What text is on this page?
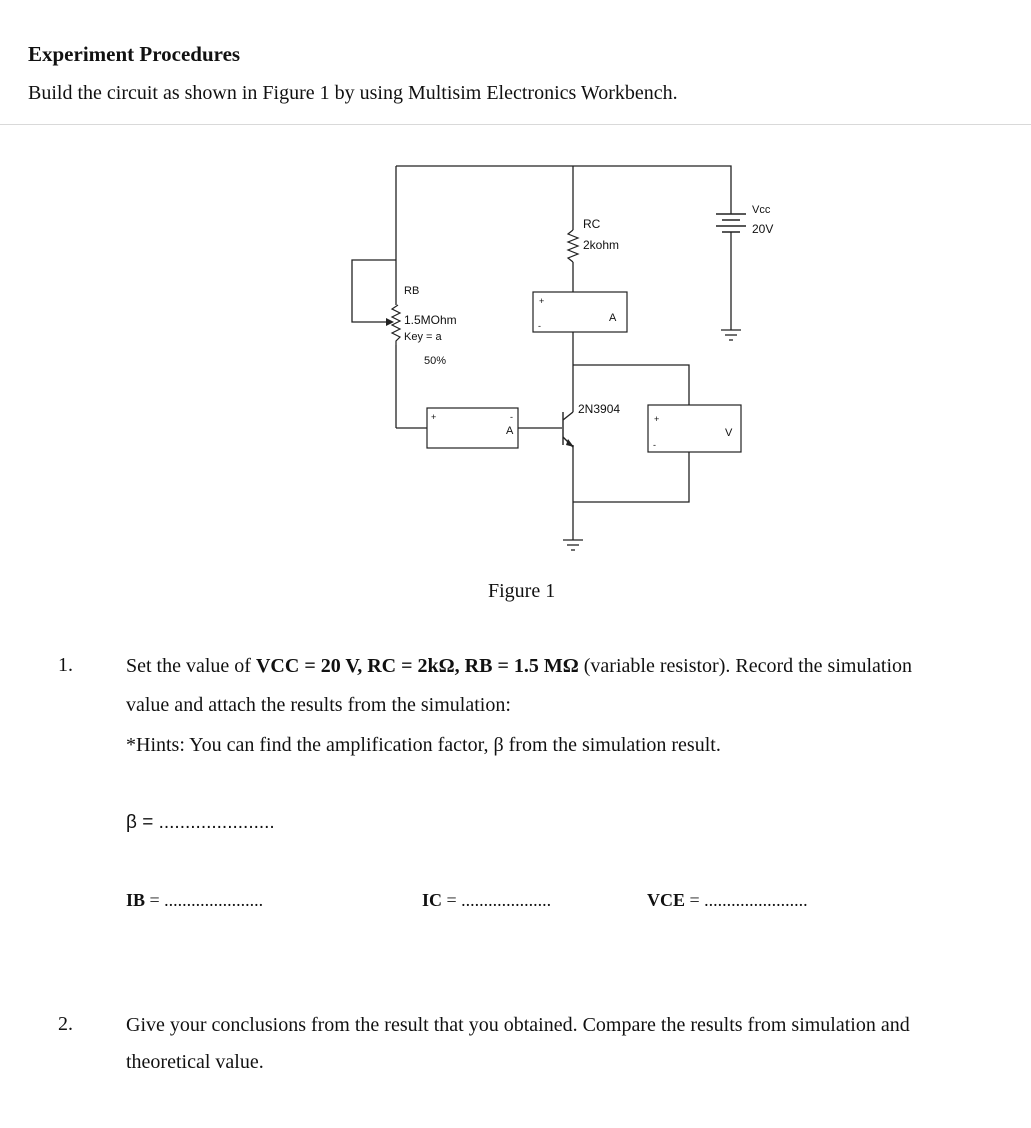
Experiment Procedures
Build the circuit as shown in Figure 1 by using Multisim Electronics Workbench.
RC
2kohm
Vcc
20V
RB
1.5MOhm
Key = a
50%
2N3904
+
-
A
+	-
A
+
-
V
Figure 1
1.	Set the value of VCC = 20 V, RC = 2kΩ, RB = 1.5 MΩ (variable resistor). Record the simulation
value and attach the results from the simulation:
*Hints: You can find the amplification factor, β from the simulation result.
β = ......................
IB = ......................	IC = ....................	VCE = .......................
2.	Give your conclusions from the result that you obtained. Compare the results from simulation and
theoretical value.
